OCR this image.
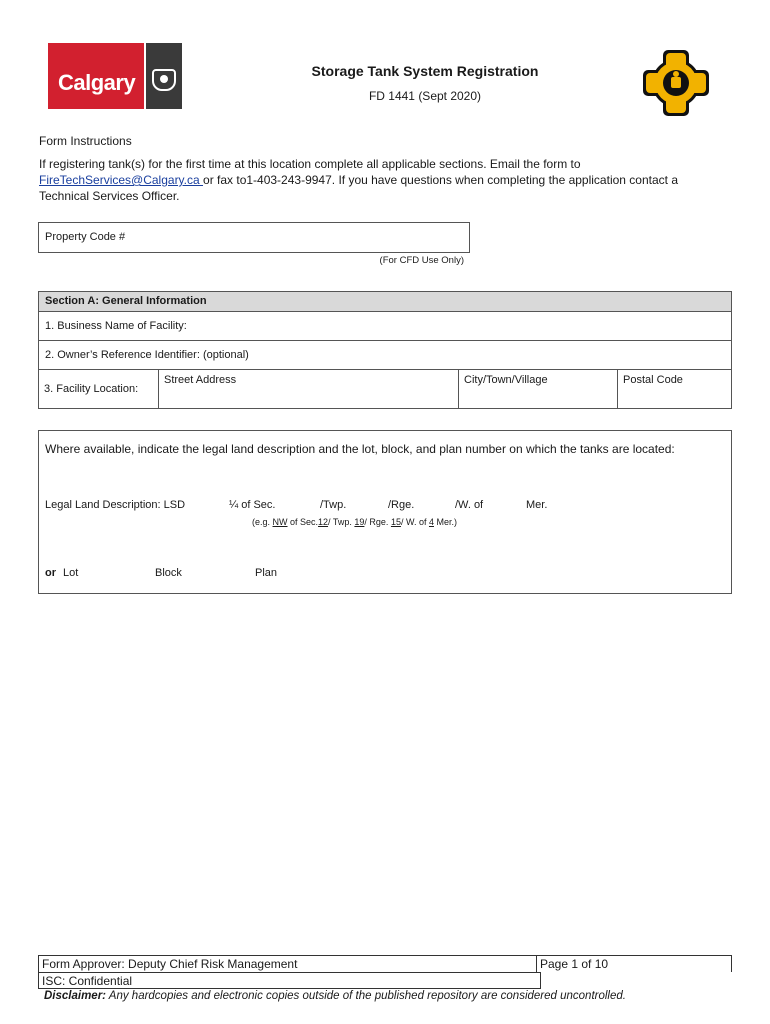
Calgary	Storage Tank System Registration
FD 1441 (Sept 2020)
Form Instructions
If registering tank(s) for the first time at this location complete all applicable sections. Email the form to FireTechServices@Calgary.ca or fax to1-403-243-9947. If you have questions when completing the application contact a Technical Services Officer.
Property Code #
(For CFD Use Only)
Section A: General Information
1. Business Name of Facility:
2. Owner’s Reference Identifier: (optional)
3. Facility Location:
Street Address	City/Town/Village	Postal Code
Where available, indicate the legal land description and the lot, block, and plan number on which the tanks are located:
Legal Land Description: LSD	¼ of Sec.	/Twp.	/Rge.	/W. of	Mer.
(e.g. NW of Sec.12/ Twp. 19/ Rge. 15/ W. of 4 Mer.)
or Lot	Block	Plan
Form Approver: Deputy Chief Risk Management	Page 1 of 10
ISC: Confidential
Disclaimer: Any hardcopies and electronic copies outside of the published repository are considered uncontrolled.
